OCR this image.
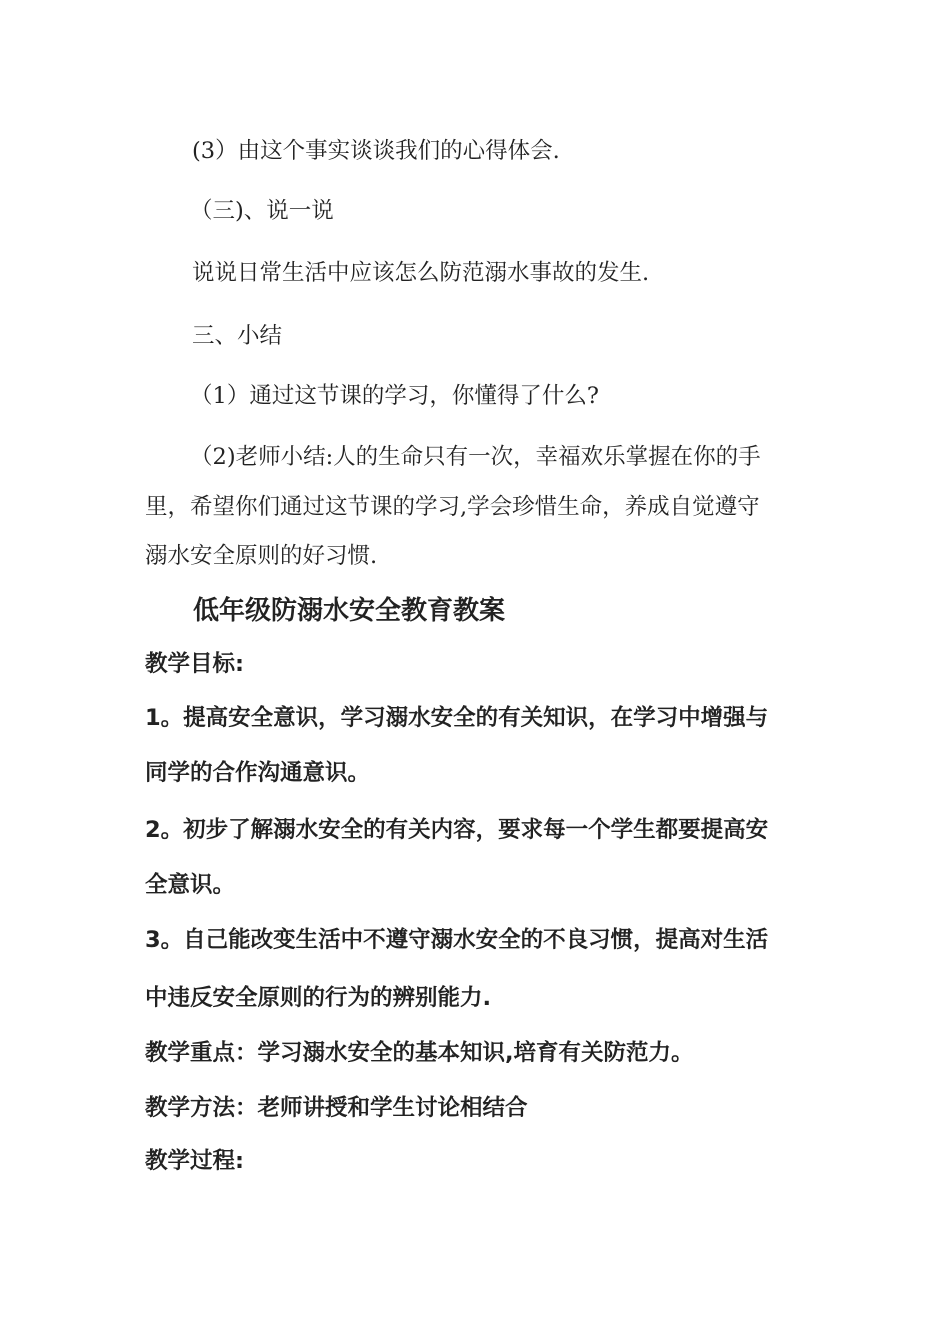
(3）由这个事实谈谈我们的心得体会.
（三)、说一说
说说日常生活中应该怎么防范溺水事故的发生.
三、小结
（1）通过这节课的学习，你懂得了什么?
（2)老师小结:人的生命只有一次，幸福欢乐掌握在你的手
里，希望你们通过这节课的学习,学会珍惜生命，养成自觉遵守
溺水安全原则的好习惯.
低年级防溺水安全教育教案
教学目标:
1。提高安全意识，学习溺水安全的有关知识，在学习中增强与
同学的合作沟通意识。
2。初步了解溺水安全的有关内容，要求每一个学生都要提高安
全意识。
3。自己能改变生活中不遵守溺水安全的不良习惯，提高对生活
中违反安全原则的行为的辨别能力.
教学重点：学习溺水安全的基本知识,培育有关防范力。
教学方法：老师讲授和学生讨论相结合
教学过程:
